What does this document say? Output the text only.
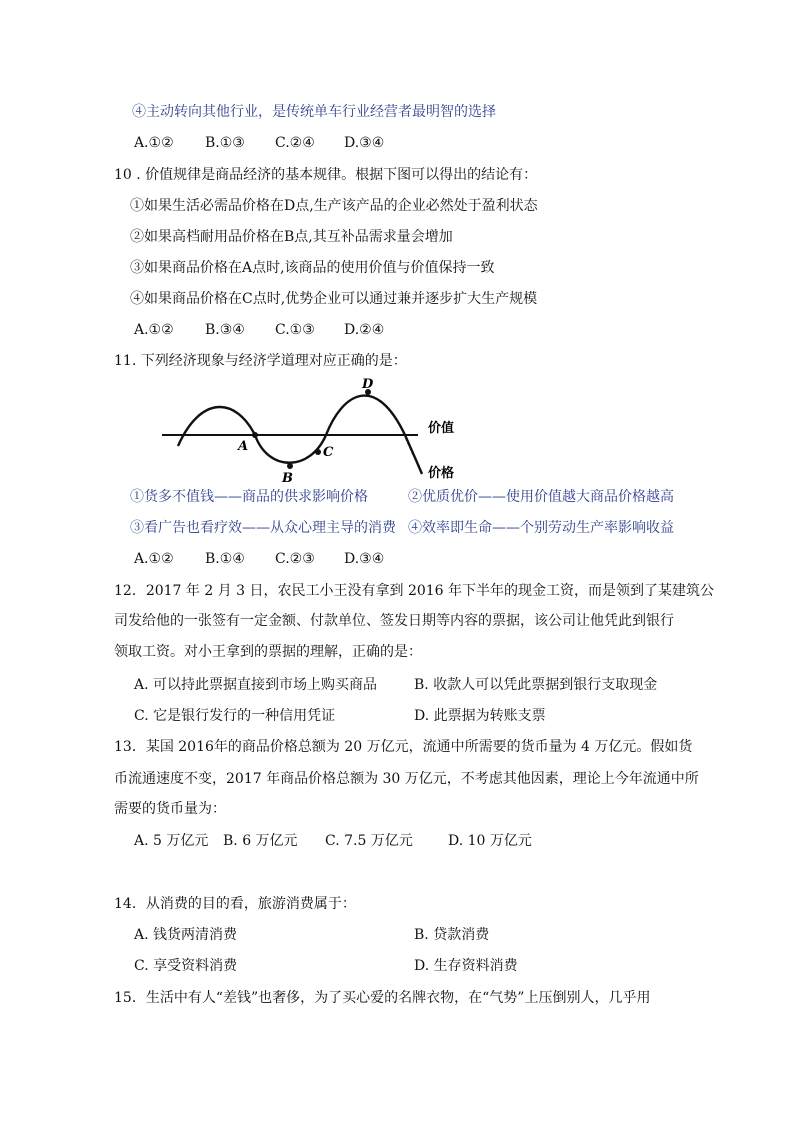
④主动转向其他行业，是传统单车行业经营者最明智的选择
A.①② B.①③ C.②④ D.③④
10 . 价值规律是商品经济的基本规律。根据下图可以得出的结论有：
①如果生活必需品价格在D点,生产该产品的企业必然处于盈利状态
②如果高档耐用品价格在B点,其互补品需求量会增加
③如果商品价格在A点时,该商品的使用价值与价值保持一致
④如果商品价格在C点时,优势企业可以通过兼并逐步扩大生产规模
A.①② B.③④ C.①③ D.②④
11. 下列经济现象与经济学道理对应正确的是：
A
B
C
D
价值
价格
①货多不值钱——商品的供求影响价格	②优质优价——使用价值越大商品价格越高
③看广告也看疗效——从众心理主导的消费 ④效率即生命——个别劳动生产率影响收益
A.①② B.①④ C.②③ D.③④
12．2017 年 2 月 3 日，农民工小王没有拿到 2016 年下半年的现金工资，而是领到了某建筑公
司发给他的一张签有一定金额、付款单位、签发日期等内容的票据，该公司让他凭此到银行
领取工资。对小王拿到的票据的理解，正确的是：
A. 可以持此票据直接到市场上购买商品	B. 收款人可以凭此票据到银行支取现金
C. 它是银行发行的一种信用凭证	D. 此票据为转账支票
13．某国 2016年的商品价格总额为 20 万亿元，流通中所需要的货币量为 4 万亿元。假如货
币流通速度不变，2017 年商品价格总额为 30 万亿元，不考虑其他因素，理论上今年流通中所
需要的货币量为：
A. 5 万亿元 B. 6 万亿元 C. 7.5 万亿元	D. 10 万亿元
14．从消费的目的看，旅游消费属于：
A. 钱货两清消费	B. 贷款消费
C. 享受资料消费	D. 生存资料消费
15．生活中有人“差钱”也奢侈，为了买心爱的名牌衣物，在“气势”上压倒别人，几乎用
